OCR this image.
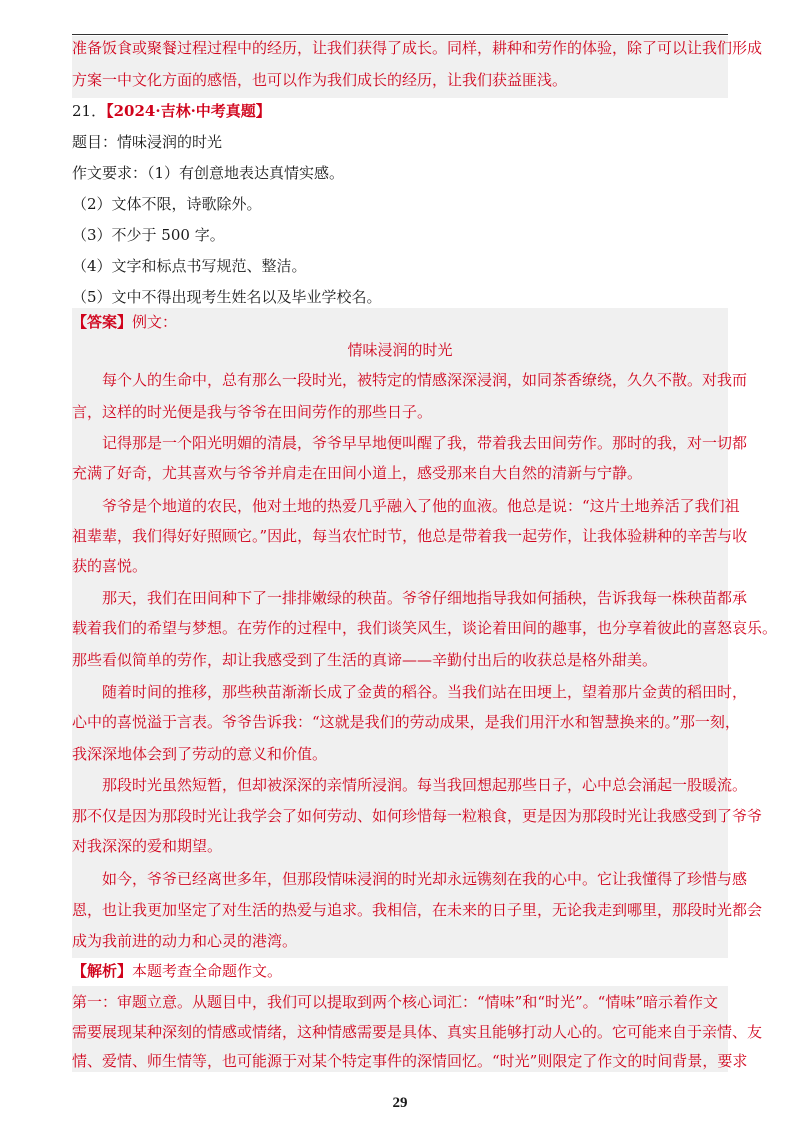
准备饭食或聚餐过程过程中的经历，让我们获得了成长。同样，耕种和劳作的体验，除了可以让我们形成
方案一中文化方面的感悟，也可以作为我们成长的经历，让我们获益匪浅。
21．【2024·吉林·中考真题】
题目：情味浸润的时光
作文要求：（1）有创意地表达真情实感。
（2）文体不限，诗歌除外。
（3）不少于 500 字。
（4）文字和标点书写规范、整洁。
（5）文中不得出现考生姓名以及毕业学校名。
【答案】例文：
情味浸润的时光
每个人的生命中，总有那么一段时光，被特定的情感深深浸润，如同茶香缭绕，久久不散。对我而
言，这样的时光便是我与爷爷在田间劳作的那些日子。
记得那是一个阳光明媚的清晨，爷爷早早地便叫醒了我，带着我去田间劳作。那时的我，对一切都
充满了好奇，尤其喜欢与爷爷并肩走在田间小道上，感受那来自大自然的清新与宁静。
爷爷是个地道的农民，他对土地的热爱几乎融入了他的血液。他总是说：“这片土地养活了我们祖
祖辈辈，我们得好好照顾它。”因此，每当农忙时节，他总是带着我一起劳作，让我体验耕种的辛苦与收
获的喜悦。
那天，我们在田间种下了一排排嫩绿的秧苗。爷爷仔细地指导我如何插秧，告诉我每一株秧苗都承
载着我们的希望与梦想。在劳作的过程中，我们谈笑风生，谈论着田间的趣事，也分享着彼此的喜怒哀乐。
那些看似简单的劳作，却让我感受到了生活的真谛——辛勤付出后的收获总是格外甜美。
随着时间的推移，那些秧苗渐渐长成了金黄的稻谷。当我们站在田埂上，望着那片金黄的稻田时，
心中的喜悦溢于言表。爷爷告诉我：“这就是我们的劳动成果，是我们用汗水和智慧换来的。”那一刻，
我深深地体会到了劳动的意义和价值。
那段时光虽然短暂，但却被深深的亲情所浸润。每当我回想起那些日子，心中总会涌起一股暖流。
那不仅是因为那段时光让我学会了如何劳动、如何珍惜每一粒粮食，更是因为那段时光让我感受到了爷爷
对我深深的爱和期望。
如今，爷爷已经离世多年，但那段情味浸润的时光却永远镌刻在我的心中。它让我懂得了珍惜与感
恩，也让我更加坚定了对生活的热爱与追求。我相信，在未来的日子里，无论我走到哪里，那段时光都会
成为我前进的动力和心灵的港湾。
【解析】本题考查全命题作文。
第一：审题立意。从题目中，我们可以提取到两个核心词汇：“情味”和“时光”。“情味”暗示着作文
需要展现某种深刻的情感或情绪，这种情感需要是具体、真实且能够打动人心的。它可能来自于亲情、友
情、爱情、师生情等，也可能源于对某个特定事件的深情回忆。“时光”则限定了作文的时间背景，要求
29
